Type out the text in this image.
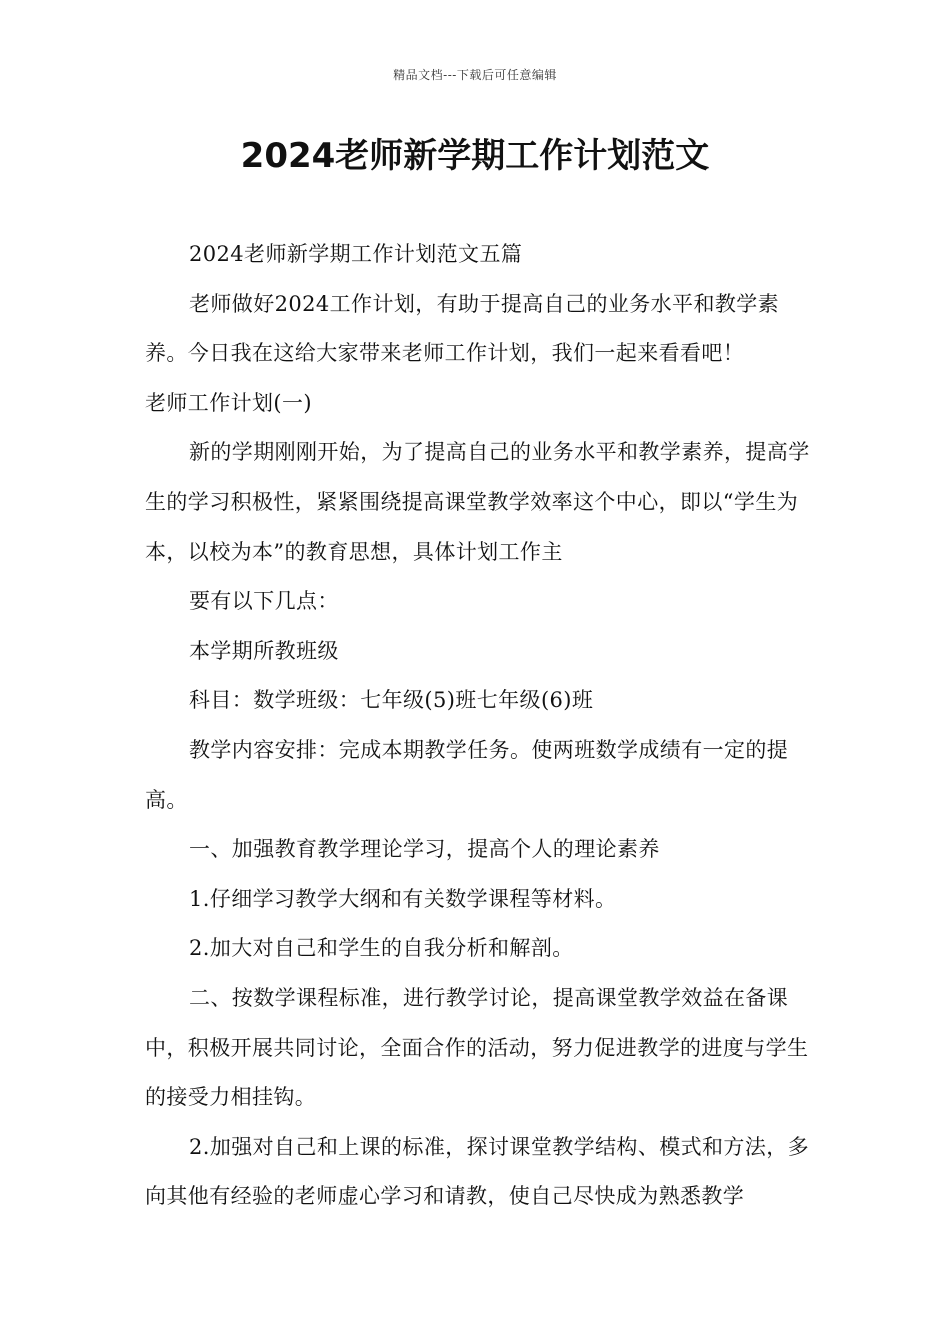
精品文档---下载后可任意编辑
2024老师新学期工作计划范文

2024老师新学期工作计划范文五篇

老师做好2024工作计划，有助于提高自己的业务水平和教学素养。今日我在这给大家带来老师工作计划，我们一起来看看吧！

老师工作计划(一)

新的学期刚刚开始，为了提高自己的业务水平和教学素养，提高学生的学习积极性，紧紧围绕提高课堂教学效率这个中心，即以“学生为本，以校为本”的教育思想，具体计划工作主

要有以下几点：

本学期所教班级

科目：数学班级：七年级(5)班七年级(6)班

教学内容安排：完成本期教学任务。使两班数学成绩有一定的提高。

一、加强教育教学理论学习，提高个人的理论素养

1.仔细学习教学大纲和有关数学课程等材料。

2.加大对自己和学生的自我分析和解剖。

二、按数学课程标准，进行教学讨论，提高课堂教学效益在备课中，积极开展共同讨论，全面合作的活动，努力促进教学的进度与学生的接受力相挂钩。

2.加强对自己和上课的标准，探讨课堂教学结构、模式和方法，多向其他有经验的老师虚心学习和请教，使自己尽快成为熟悉教学
